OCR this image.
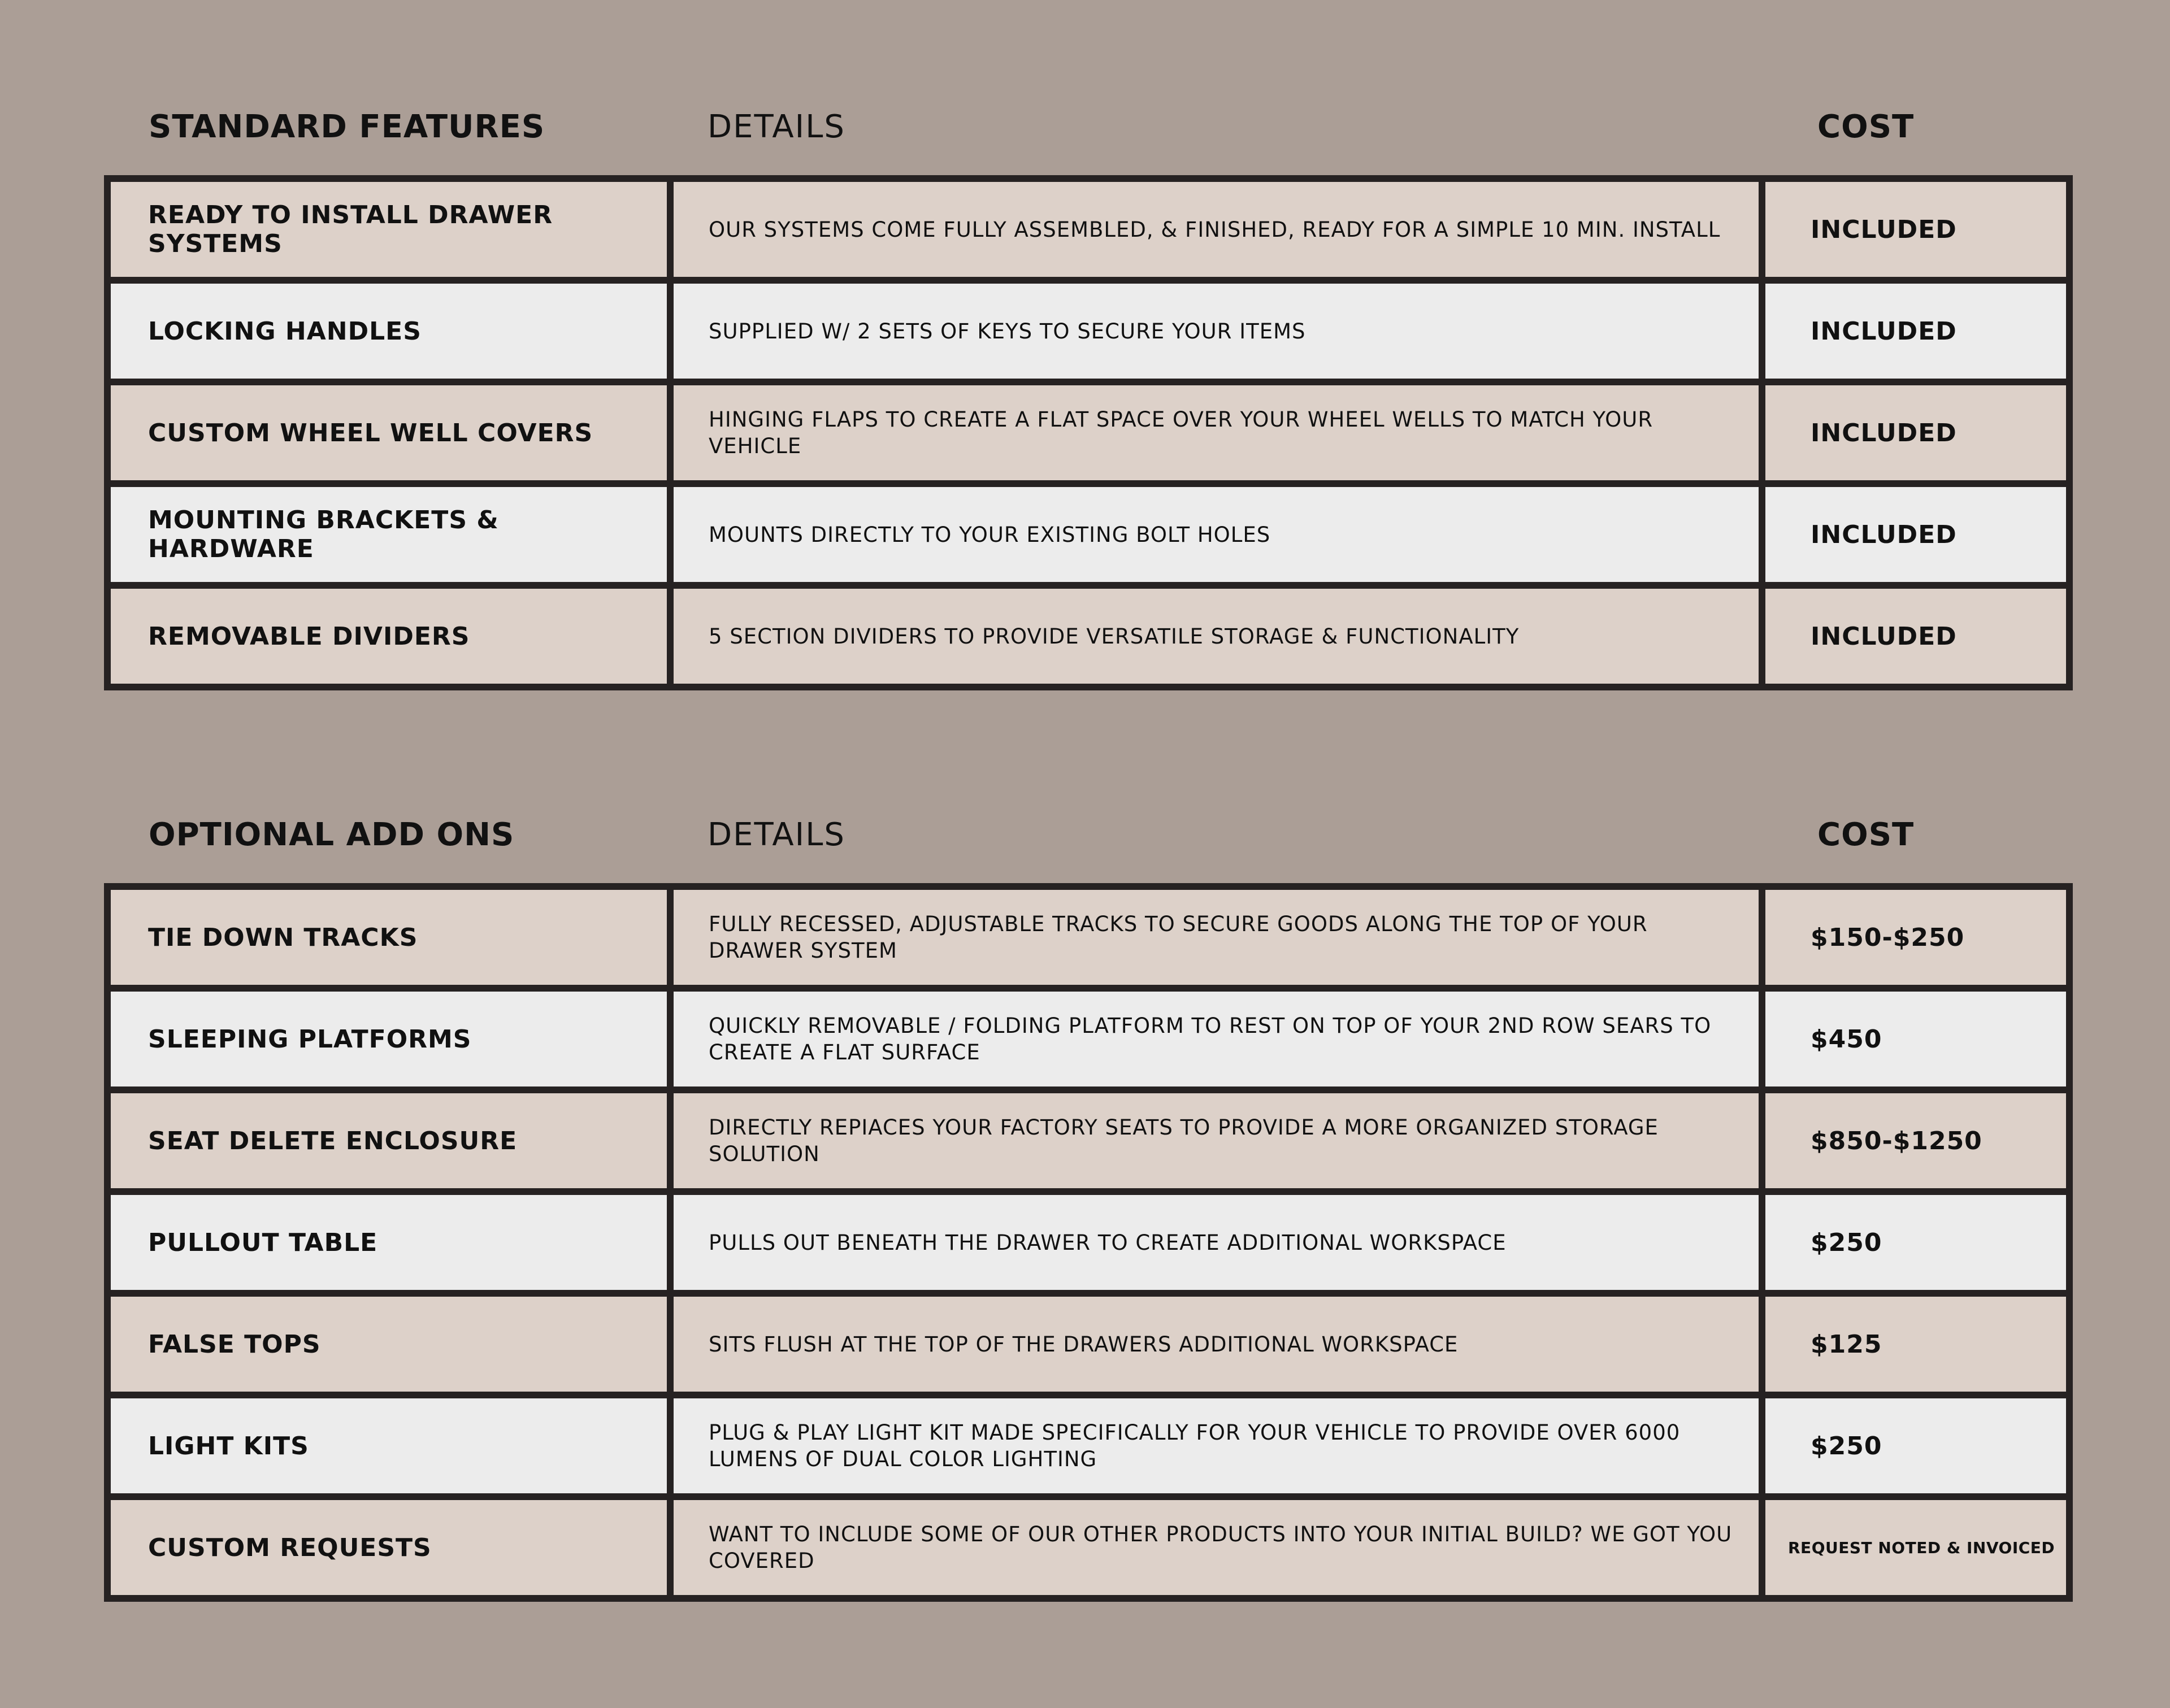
STANDARD FEATURES	DETAILS	COST
READY TO INSTALL DRAWER SYSTEMS	OUR SYSTEMS COME FULLY ASSEMBLED, & FINISHED, READY FOR A SIMPLE 10 MIN. INSTALL	INCLUDED
LOCKING HANDLES	SUPPLIED W/ 2 SETS OF KEYS TO SECURE YOUR ITEMS	INCLUDED
CUSTOM WHEEL WELL COVERS	HINGING FLAPS TO CREATE A FLAT SPACE OVER YOUR WHEEL WELLS TO MATCH YOUR VEHICLE	INCLUDED
MOUNTING BRACKETS & HARDWARE	MOUNTS DIRECTLY TO YOUR EXISTING BOLT HOLES	INCLUDED
REMOVABLE DIVIDERS	5 SECTION DIVIDERS TO PROVIDE VERSATILE STORAGE & FUNCTIONALITY	INCLUDED
OPTIONAL ADD ONS	DETAILS	COST
TIE DOWN TRACKS	FULLY RECESSED, ADJUSTABLE TRACKS TO SECURE GOODS ALONG THE TOP OF YOUR DRAWER SYSTEM	$150-$250
SLEEPING PLATFORMS	QUICKLY REMOVABLE / FOLDING PLATFORM TO REST ON TOP OF YOUR 2ND ROW SEARS TO CREATE A FLAT SURFACE	$450
SEAT DELETE ENCLOSURE	DIRECTLY REPIACES YOUR FACTORY SEATS TO PROVIDE A MORE ORGANIZED STORAGE SOLUTION	$850-$1250
PULLOUT TABLE	PULLS OUT BENEATH THE DRAWER TO CREATE ADDITIONAL WORKSPACE	$250
FALSE TOPS	SITS FLUSH AT THE TOP OF THE DRAWERS ADDITIONAL WORKSPACE	$125
LIGHT KITS	PLUG & PLAY LIGHT KIT MADE SPECIFICALLY FOR YOUR VEHICLE TO PROVIDE OVER 6000 LUMENS OF DUAL COLOR LIGHTING	$250
CUSTOM REQUESTS	WANT TO INCLUDE SOME OF OUR OTHER PRODUCTS INTO YOUR INITIAL BUILD? WE GOT YOU COVERED	REQUEST NOTED & INVOICED
